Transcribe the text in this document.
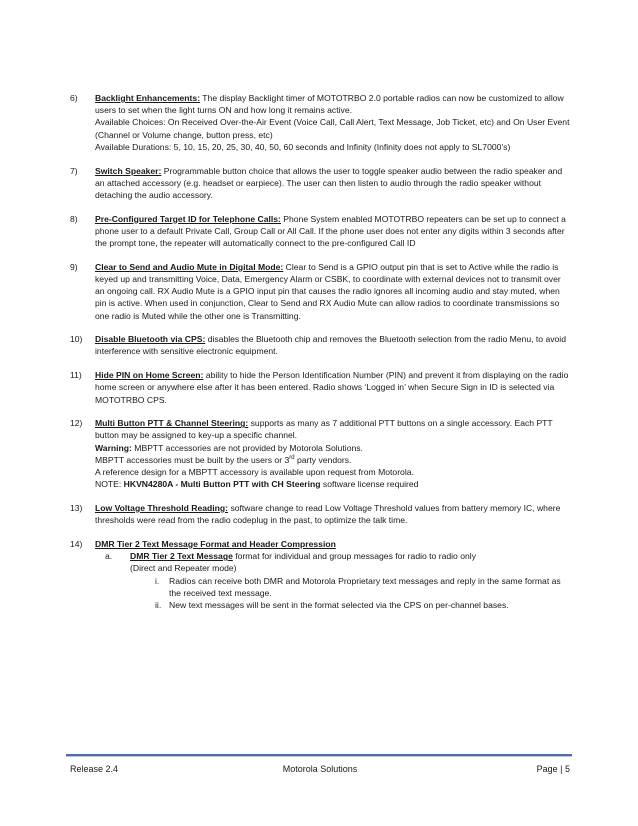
6) Backlight Enhancements: The display Backlight timer of MOTOTRBO 2.0 portable radios can now be customized to allow users to set when the light turns ON and how long it remains active.
Available Choices: On Received Over-the-Air Event (Voice Call, Call Alert, Text Message, Job Ticket, etc) and On User Event (Channel or Volume change, button press, etc)
Available Durations: 5, 10, 15, 20, 25, 30, 40, 50, 60 seconds and Infinity (Infinity does not apply to SL7000’s)
7) Switch Speaker: Programmable button choice that allows the user to toggle speaker audio between the radio speaker and an attached accessory (e.g. headset or earpiece). The user can then listen to audio through the radio speaker without detaching the audio accessory.
8) Pre-Configured Target ID for Telephone Calls: Phone System enabled MOTOTRBO repeaters can be set up to connect a phone user to a default Private Call, Group Call or All Call. If the phone user does not enter any digits within 3 seconds after the prompt tone, the repeater will automatically connect to the pre-configured Call ID
9) Clear to Send and Audio Mute in Digital Mode: Clear to Send is a GPIO output pin that is set to Active while the radio is keyed up and transmitting Voice, Data, Emergency Alarm or CSBK, to coordinate with external devices not to transmit over an ongoing call. RX Audio Mute is a GPIO input pin that causes the radio ignores all incoming audio and stay muted, when pin is active. When used in conjunction, Clear to Send and RX Audio Mute can allow radios to coordinate transmissions so one radio is Muted while the other one is Transmitting.
10) Disable Bluetooth via CPS: disables the Bluetooth chip and removes the Bluetooth selection from the radio Menu, to avoid interference with sensitive electronic equipment.
11) Hide PIN on Home Screen: ability to hide the Person Identification Number (PIN) and prevent it from displaying on the radio home screen or anywhere else after it has been entered. Radio shows ‘Logged in’ when Secure Sign in ID is selected via MOTOTRBO CPS.
12) Multi Button PTT & Channel Steering: supports as many as 7 additional PTT buttons on a single accessory. Each PTT button may be assigned to key-up a specific channel.
Warning: MBPTT accessories are not provided by Motorola Solutions.
MBPTT accessories must be built by the users or 3rd party vendors.
A reference design for a MBPTT accessory is available upon request from Motorola.
NOTE: HKVN4280A - Multi Button PTT with CH Steering software license required
13) Low Voltage Threshold Reading: software change to read Low Voltage Threshold values from battery memory IC, where thresholds were read from the radio codeplug in the past, to optimize the talk time.
14) DMR Tier 2 Text Message Format and Header Compression
a. DMR Tier 2 Text Message format for individual and group messages for radio to radio only
(Direct and Repeater mode)
i. Radios can receive both DMR and Motorola Proprietary text messages and reply in the same format as the received text message.
ii. New text messages will be sent in the format selected via the CPS on per-channel bases.
Release 2.4	Motorola Solutions	Page | 5
